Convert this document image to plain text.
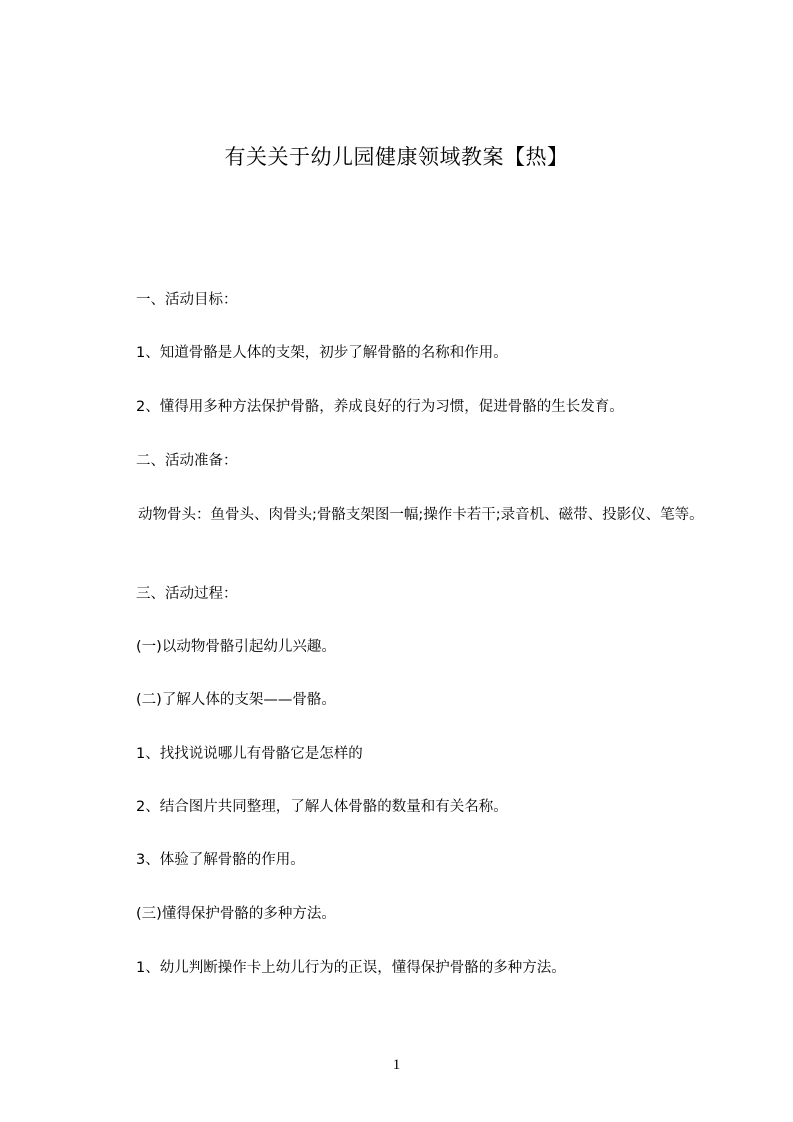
有关关于幼儿园健康领域教案【热】
一、活动目标：
1、知道骨骼是人体的支架，初步了解骨骼的名称和作用。
2、懂得用多种方法保护骨骼，养成良好的行为习惯，促进骨骼的生长发育。
二、活动准备：
动物骨头：鱼骨头、肉骨头;骨骼支架图一幅;操作卡若干;录音机、磁带、投影仪、笔等。
三、活动过程：
(一)以动物骨骼引起幼儿兴趣。
(二)了解人体的支架——骨骼。
1、找找说说哪儿有骨骼它是怎样的
2、结合图片共同整理，了解人体骨骼的数量和有关名称。
3、体验了解骨骼的作用。
(三)懂得保护骨骼的多种方法。
1、幼儿判断操作卡上幼儿行为的正误，懂得保护骨骼的多种方法。
1
